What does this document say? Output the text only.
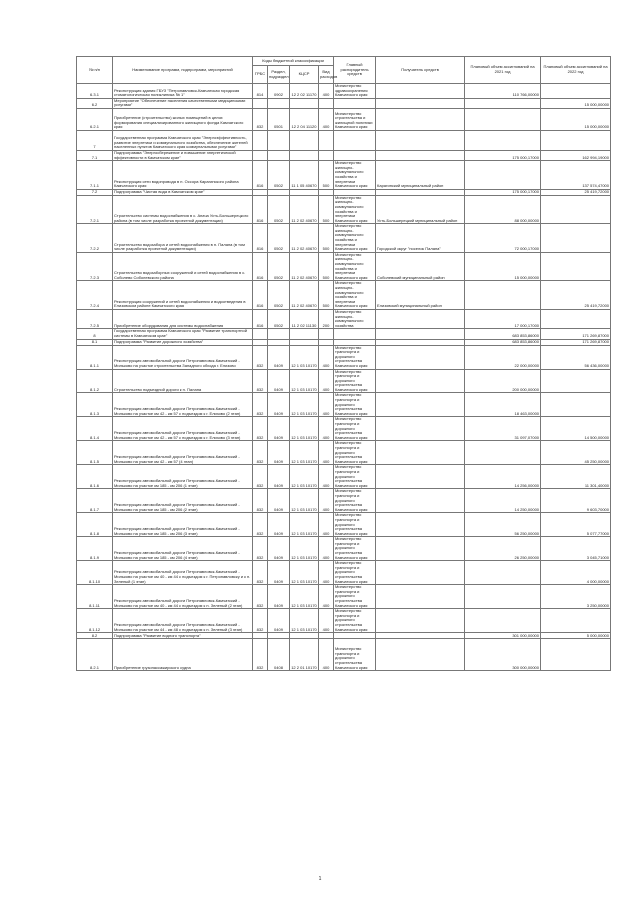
№ п/п	Наименование программ, подпрограмм, мероприятий	Коды бюджетной классификации				Главный распорядитель средств	Получатель средств	Плановый объем ассигнований на 2021 год	Плановый объем ассигнований на 2022 год
		ГРБС	Раздел, подраздел	КЦСР	Вид расходов				
6.3.1	Реконструкция здания ГБУЗ "Петропавловск-Камчатская городская стоматологическая поликлиника № 1"	814	0902	12 2 02 11170	400	Министерство здравоохранения Камчатского края		110 766,00000	
6.2	Мероприятие "Обеспечение населения качественными медицинскими услугами"								15 000,00000
6.2.1	Приобретение (строительство) жилых помещений в целях формирования специализированного жилищного фонда Камчатского края	832	0501	12 2 04 11120	400	Министерство строительства и жилищной политики Камчатского края			15 000,00000
7	Государственная программа Камчатского края "Энергоэффективность, развитие энергетики и коммунального хозяйства, обеспечение жителей населенных пунктов Камчатского края коммунальными услугами"								
7.1	Подпрограмма "Энергосбережение и повышение энергетической эффективности в Камчатском крае"							175 000,17000	162 994,19000
7.1.1	Реконструкция сети водопровода в п. Оссора Карагинского района Камчатского края	816	0502	11 1 05 40670	500	Министерство жилищно-коммунального хозяйства и энергетики Камчатского края	Карагинский муниципальный район		137 574,47000
7.2	Подпрограмма "Чистая вода в Камчатском крае"							175 000,17000	25 419,72000
7.2.1	Строительство системы водоснабжения в с. Апача Усть-Большерецкого района (в том числе разработка проектной документации)	816	0502	11 2 02 40670	500	Министерство жилищно-коммунального хозяйства и энергетики Камчатского края	Усть-Большерецкий муниципальный район	88 000,00000	
7.2.2	Строительство водозабора и сетей водоснабжения в п. Палана (в том числе разработка проектной документации)	816	0502	11 2 02 40670	500	Министерство жилищно-коммунального хозяйства и энергетики Камчатского края	Городской округ "поселок Палана"	72 000,17000	
7.2.3	Строительство водозаборных сооружений и сетей водоснабжения в с. Соболево Соболевского района	816	0502	11 2 02 40670	500	Министерство жилищно-коммунального хозяйства и энергетики Камчатского края	Соболевский муниципальный район	15 000,00000	
7.2.4	Реконструкция сооружений и сетей водоснабжения и водоотведения в Елизовском районе Камчатского края	816	0502	11 2 02 40670	500	Министерство жилищно-коммунального хозяйства и энергетики Камчатского края	Елизовский муниципальный район		25 419,72000
7.2.5	Приобретение оборудования для системы водоснабжения	816	0502	11 2 02 11130	200	Министерство жилищно-коммунального хозяйства		17 000,17000	
8	Государственная программа Камчатского края "Развитие транспортной системы в Камчатском крае"							683 853,86000	171 269,87000
8.1	Подпрограмма "Развитие дорожного хозяйства"							683 853,86000	171 269,87000
8.1.1	Реконструкция автомобильной дороги Петропавловск-Камчатский - Мильково на участке строительства Западного обхода г. Елизово	832	0409	12 1 03 10170	400	Министерство транспорта и дорожного строительства Камчатского края		22 000,00000	56 436,00000
8.1.2	Строительство подъездной дороги к п. Палана	832	0409	12 1 03 10170	400	Министерство транспорта и дорожного строительства Камчатского края		200 000,00000	
8.1.3	Реконструкция автомобильной дороги Петропавловск-Камчатский - Мильково на участке км 42 - км 57 с подъездом к г. Елизово (2 этап)	832	0409	12 1 03 10170	400	Министерство транспорта и дорожного строительства Камчатского края		18 463,00000	
8.1.4	Реконструкция автомобильной дороги Петропавловск-Камчатский - Мильково на участке км 42 - км 57 с подъездом к г. Елизово (3 этап)	832	0409	12 1 03 10170	400	Министерство транспорта и дорожного строительства Камчатского края		31 097,07000	14 500,00000
8.1.5	Реконструкция автомобильной дороги Петропавловск-Камчатский - Мильково на участке км 42 - км 57 (4 этап)	832	0409	12 1 03 10170	400	Министерство транспорта и дорожного строительства Камчатского края			45 250,00000
8.1.6	Реконструкция автомобильной дороги Петропавловск-Камчатский - Мильково на участке км 185 - км 206 (1 этап)	832	0409	12 1 03 10170	400	Министерство транспорта и дорожного строительства Камчатского края		14 256,00000	11 301,40000
8.1.7	Реконструкция автомобильной дороги Петропавловск-Камчатский - Мильково на участке км 185 - км 206 (2 этап)	832	0409	12 1 03 10170	400	Министерство транспорта и дорожного строительства Камчатского края		14 250,00000	9 603,70000
8.1.8	Реконструкция автомобильной дороги Петропавловск-Камчатский - Мильково на участке км 185 - км 206 (3 этап)	832	0409	12 1 03 10170	400	Министерство транспорта и дорожного строительства Камчатского края		56 250,00000	5 077,77000
8.1.9	Реконструкция автомобильной дороги Петропавловск-Камчатский - Мильково на участке км 185 - км 206 (4 этап)	832	0409	12 1 03 10170	400	Министерство транспорта и дорожного строительства Камчатского края		26 250,00000	3 045,71000
8.1.10	Реконструкция автомобильной дороги Петропавловск-Камчатский - Мильково на участке км 40 - км 44 с подъездом к г. Петропавловску и к п. Зеленый (1 этап)	832	0409	12 1 03 10170	400	Министерство транспорта и дорожного строительства Камчатского края			4 000,00000
8.1.11	Реконструкция автомобильной дороги Петропавловск-Камчатский - Мильково на участке км 40 - км 44 с подъездом к п. Зеленый (2 этап)	832	0409	12 1 03 10170	400	Министерство транспорта и дорожного строительства Камчатского края			3 250,00000
8.1.12	Реконструкция автомобильной дороги Петропавловск-Камчатский - Мильково на участке км 44 - км 48 с подъездом к п. Зеленый (3 этап)	832	0409	12 1 03 10170	400	Министерство транспорта и дорожного строительства Камчатского края			
8.2	Подпрограмма "Развитие водного транспорта"							301 000,00000	5 000,00000
8.2.1	Приобретение грузопассажирского судна	832	0408	12 2 01 10170	400	Министерство транспорта и дорожного строительства Камчатского края		300 000,00000	
1
